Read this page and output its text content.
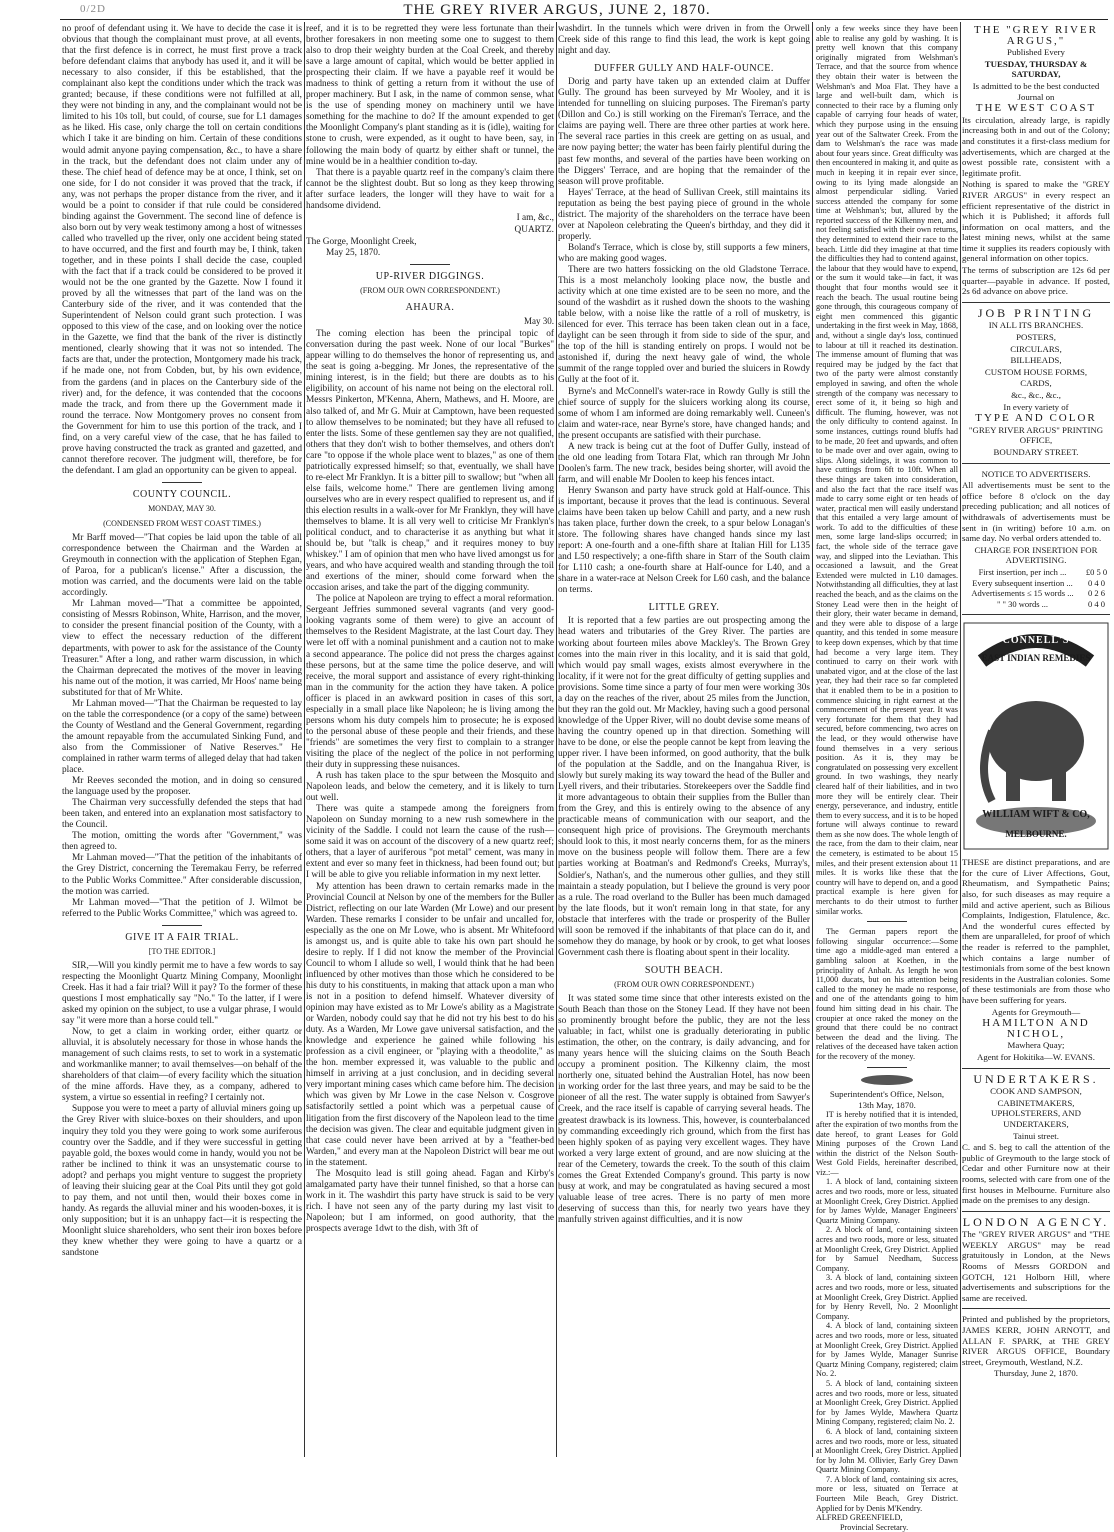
0/2D	THE GREY RIVER ARGUS, JUNE 2, 1870.

no proof of defendant using it. We have to decide the case it is obvious that though the complainant must prove, at all events, that the first defence is in correct, he must first prove a track before defendant claims that anybody has used it, and it will be necessary to also consider, if this be established, that the complainant also kept the conditions under which the track was granted; because, if these conditions were not fulfilled at all, they were not binding in any, and the complainant would not be limited to his 10s toll, but could, of course, sue for L1 damages as he liked. His case, only charge the toll on certain conditions which I take it are binding on him. Certain of these conditions would admit anyone paying compensation, &c., to have a share in the track, but the defendant does not claim under any of these. The chief head of defence may be at once, I think, set on one side, for I do not consider it was proved that the track, if any, was not perhaps the proper distance from the river, and it would be a point to consider if that rule could be considered binding against the Government. The second line of defence is also born out by very weak testimony among a host of witnesses called who travelled up the river, only one accident being stated to have occurred, and the first and fourth may be, I think, taken together, and in these points I shall decide the case, coupled with the fact that if a track could be considered to be proved it would not be the one granted by the Gazette. Now I found it proved by all the witnesses that part of the land was on the Canterbury side of the river, and it was contended that the Superintendent of Nelson could grant such protection. I was opposed to this view of the case, and on looking over the notice in the Gazette, we find that the bank of the river is distinctly mentioned, clearly showing that it was not so intended. The facts are that, under the protection, Montgomery made his track, if he made one, not from Cobden, but, by his own evidence, from the gardens (and in places on the Canterbury side of the river) and, for the defence, it was contended that the cocoons made the track, and from there up the Government made it round the terrace. Now Montgomery proves no consent from the Government for him to use this portion of the track, and I find, on a very careful view of the case, that he has failed to prove having constructed the track as granted and gazetted, and cannot therefore recover. The judgment will, therefore, be for the defendant. I am glad an opportunity can be given to appeal.

COUNTY COUNCIL.
MONDAY, MAY 30.
(CONDENSED FROM WEST COAST TIMES.)

Mr Barff moved—"That copies be laid upon the table of all correspondence between the Chairman and the Warden at Greymouth in connection with the application of Stephen Egan, of Paroa, for a publican's license." After a discussion, the motion was carried, and the documents were laid on the table accordingly.

Mr Lahman moved—"That a committee be appointed, consisting of Messrs Robinson, White, Harrison, and the mover, to consider the present financial position of the County, with a view to effect the necessary reduction of the different departments, with power to ask for the assistance of the County Treasurer." After a long, and rather warm discussion, in which the Chairman deprecated the motives of the mover in leaving his name out of the motion, it was carried, Mr Hoos' name being substituted for that of Mr White.

Mr Lahman moved—"That the Chairman be requested to lay on the table the correspondence (or a copy of the same) between the County of Westland and the General Government, regarding the amount repayable from the accumulated Sinking Fund, and also from the Commissioner of Native Reserves." He complained in rather warm terms of alleged delay that had taken place.

Mr Reeves seconded the motion, and in doing so censured the language used by the proposer.

The Chairman very successfully defended the steps that had been taken, and entered into an explanation most satisfactory to the Council.

The motion, omitting the words after "Government," was then agreed to.

Mr Lahman moved—"That the petition of the inhabitants of the Grey District, concerning the Teremakau Ferry, be referred to the Public Works Committee." After considerable discussion, the motion was carried.

Mr Lahman moved—"That the petition of J. Wilmot be referred to the Public Works Committee," which was agreed to.

GIVE IT A FAIR TRIAL.
[TO THE EDITOR.]

SIR,—Will you kindly permit me to have a few words to say respecting the Moonlight Quartz Mining Company, Moonlight Creek. Has it had a fair trial? Will it pay? To the former of these questions I most emphatically say "No." To the latter, if I were asked my opinion on the subject, to use a vulgar phrase, I would say "it were more than a horse could tell."

Now, to get a claim in working order, either quartz or alluvial, it is absolutely necessary for those in whose hands the management of such claims rests, to set to work in a systematic and workmanlike manner; to avail themselves—on behalf of the shareholders of that claim—of every facility which the situation of the mine affords. Have they, as a company, adhered to system, a virtue so essential in reefing? I certainly not.

Suppose you were to meet a party of alluvial miners going up the Grey River with sluice-boxes on their shoulders, and upon inquiry they told you they were going to work some auriferous country over the Saddle, and if they were successful in getting payable gold, the boxes would come in handy, would you not be rather be inclined to think it was an unsystematic course to adopt? and perhaps you might venture to suggest the propriety of leaving their sluicing gear at the Coal Pits until they got gold to pay them, and not until then, would their boxes come in handy. As regards the alluvial miner and his wooden-boxes, it is only supposition; but it is an unhappy fact—it is respecting the Moonlight sluice shareholders, who sent their iron boxes before they knew whether they were going to have a quartz or a sandstone

reef, and it is to be regretted they were less fortunate than their brother foresakers in non meeting some one to suggest to them also to drop their weighty burden at the Coal Creek, and thereby save a large amount of capital, which would be better applied in prospecting their claim. If we have a payable reef it would be madness to think of getting a return from it without the use of proper machinery. But I ask, in the name of common sense, what is the use of spending money on machinery until we have something for the machine to do? If the amount expended to get the Moonlight Company's plant standing as it is (idle), waiting for stone to crush, were expended, as it ought to have been, say, in following the main body of quartz by either shaft or tunnel, the mine would be in a healthier condition to-day.

That there is a payable quartz reef in the company's claim there cannot be the slightest doubt. But so long as they keep throwing after surface leaders, the longer will they have to wait for a handsome dividend.

I am, &c.,
QUARTZ.
The Gorge, Moonlight Creek,
May 25, 1870.
UP-RIVER DIGGINGS.
(FROM OUR OWN CORRESPONDENT.)
AHAURA.
May 30.

The coming election has been the principal topic of conversation during the past week. None of our local "Burkes" appear willing to do themselves the honor of representing us, and the seat is going a-begging. Mr Jones, the representative of the mining interest, is in the field; but there are doubts as to his eligibility, on account of his name not being on the electoral roll. Messrs Pinkerton, M'Kenna, Ahern, Mathews, and H. Moore, are also talked of, and Mr G. Muir at Camptown, have been requested to allow themselves to be nominated; but they have all refused to enter the lists. Some of these gentlemen say they are not qualified, others that they don't wish to bother themselves, and others don't care "to oppose if the whole place went to blazes," as one of them patriotically expressed himself; so that, eventually, we shall have to re-elect Mr Franklyn. It is a bitter pill to swallow; but "when all else fails, welcome home." There are gentlemen living among ourselves who are in every respect qualified to represent us, and if this election results in a walk-over for Mr Franklyn, they will have themselves to blame. It is all very well to criticise Mr Franklyn's political conduct, and to characterise it as anything but what it should be, but "talk is cheap," and it requires money to buy whiskey." I am of opinion that men who have lived amongst us for years, and who have acquired wealth and standing through the toil and exertions of the miner, should come forward when the occasion arises, and take the part of the digging community.

The police at Napoleon are trying to effect a moral reformation. Sergeant Jeffries summoned several vagrants (and very good-looking vagrants some of them were) to give an account of themselves to the Resident Magistrate, at the last Court day. They were let off with a nominal punishment and a caution not to make a second appearance. The police did not press the charges against these persons, but at the same time the police deserve, and will receive, the moral support and assistance of every right-thinking man in the community for the action they have taken. A police officer is placed in an awkward position in cases of this sort, especially in a small place like Napoleon; he is living among the persons whom his duty compels him to prosecute; he is exposed to the personal abuse of these people and their friends, and these "friends" are sometimes the very first to complain to a stranger visiting the place of the neglect of the police in not performing their duty in suppressing these nuisances.

A rush has taken place to the spur between the Mosquito and Napoleon leads, and below the cemetery, and it is likely to turn out well.

There was quite a stampede among the foreigners from Napoleon on Sunday morning to a new rush somewhere in the vicinity of the Saddle. I could not learn the cause of the rush—some said it was on account of the discovery of a new quartz reef; others, that a layer of auriferous "pot metal" cement, was many in extent and ever so many feet in thickness, had been found out; but I will be able to give you reliable information in my next letter.

My attention has been drawn to certain remarks made in the Provincial Council at Nelson by one of the members for the Buller District, reflecting on our late Warden (Mr Lowe) and our present Warden. These remarks I consider to be unfair and uncalled for, especially as the one on Mr Lowe, who is absent. Mr Whitefoord is amongst us, and is quite able to take his own part should he desire to reply. If I did not know the member of the Provincial Council to whom I allude so well, I would think that he had been influenced by other motives than those which he considered to be his duty to his constituents, in making that attack upon a man who is not in a position to defend himself. Whatever diversity of opinion may have existed as to Mr Lowe's ability as a Magistrate or Warden, nobody could say that he did not try his best to do his duty. As a Warden, Mr Lowe gave universal satisfaction, and the knowledge and experience he gained while following his profession as a civil engineer, or "playing with a theodolite," as the hon. member expressed it, was valuable to the public and himself in arriving at a just conclusion, and in deciding several very important mining cases which came before him. The decision which was given by Mr Lowe in the case Nelson v. Cosgrove satisfactorily settled a point which was a perpetual cause of litigation from the first discovery of the Napoleon lead to the time the decision was given. The clear and equitable judgment given in that case could never have been arrived at by a "feather-bed Warden," and every man at the Napoleon District will bear me out in the statement.

The Mosquito lead is still going ahead. Fagan and Kirby's amalgamated party have their tunnel finished, so that a horse can work in it. The washdirt this party have struck is said to be very rich. I have not seen any of the party during my last visit to Napoleon; but I am informed, on good authority, that the prospects average 1dwt to the dish, with 3ft of

washdirt. In the tunnels which were driven in from the Orwell Creek side of this range to find this lead, the work is kept going night and day.

DUFFER GULLY AND HALF-OUNCE.

Dorig and party have taken up an extended claim at Duffer Gully. The ground has been surveyed by Mr Wooley, and it is intended for tunnelling on sluicing purposes. The Fireman's party (Dillon and Co.) is still working on the Fireman's Terrace, and the claims are paying well. There are three other parties at work here. The several race parties in this creek are getting on as usual, and are now paying better; the water has been fairly plentiful during the past few months, and several of the parties have been working on the Diggers' Terrace, and are hoping that the remainder of the season will prove profitable.

Hayes' Terrace, at the head of Sullivan Creek, still maintains its reputation as being the best paying piece of ground in the whole district. The majority of the shareholders on the terrace have been over at Napoleon celebrating the Queen's birthday, and they did it properly.

Boland's Terrace, which is close by, still supports a few miners, who are making good wages.

There are two hatters fossicking on the old Gladstone Terrace. This is a most melancholy looking place now, the bustle and activity which at one time existed are to be seen no more, and the sound of the washdirt as it rushed down the shoots to the washing table below, with a noise like the rattle of a roll of musketry, is silenced for ever. This terrace has been taken clean out in a face, daylight can be seen through it from side to side of the spur, and the top of the hill is standing entirely on props. I would not be astonished if, during the next heavy gale of wind, the whole summit of the range toppled over and buried the sluicers in Rowdy Gully at the foot of it.

Byrne's and McConnell's water-race in Rowdy Gully is still the chief source of supply for the sluicers working along its course, some of whom I am informed are doing remarkably well. Cuneen's claim and water-race, near Byrne's store, have changed hands; and the present occupants are satisfied with their purchase.

A new track is being cut at the foot of Duffer Gully, instead of the old one leading from Totara Flat, which ran through Mr John Doolen's farm. The new track, besides being shorter, will avoid the farm, and will enable Mr Doolen to keep his fences intact.

Henry Swanson and party have struck gold at Half-ounce. This is important, because it proves that the lead is continuous. Several claims have been taken up below Cahill and party, and a new rush has taken place, further down the creek, to a spur below Lonagan's store. The following shares have changed hands since my last report: A one-fourth and a one-fifth share at Italian Hill for L135 and L50 respectively; a one-fifth share in Starr of the South claim for L110 cash; a one-fourth share at Half-ounce for L40, and a share in a water-race at Nelson Creek for L60 cash, and the balance on terms.

LITTLE GREY.

It is reported that a few parties are out prospecting among the head waters and tributaries of the Grey River. The parties are working about fourteen miles above Mackley's. The Brown Grey comes into the main river in this locality, and it is said that gold, which would pay small wages, exists almost everywhere in the locality, if it were not for the great difficulty of getting supplies and provisions. Some time since a party of four men were working 30s a day on the reaches of the river, about 25 miles from the Junction, but they ran the gold out. Mr Mackley, having such a good personal knowledge of the Upper River, will no doubt devise some means of having the country opened up in that direction. Something will have to be done, or else the people cannot be kept from leaving the upper river. I have been informed, on good authority, that the bulk of the population at the Saddle, and on the Inangahua River, is slowly but surely making its way toward the head of the Buller and Lyell rivers, and their tributaries. Storekeepers over the Saddle find it more advantageous to obtain their supplies from the Buller than from the Grey, and this is entirely owing to the absence of any practicable means of communication with our seaport, and the consequent high price of provisions. The Greymouth merchants should look to this, it most nearly concerns them, for as the miners move on the business people will follow them. There are a few parties working at Boatman's and Redmond's Creeks, Murray's, Soldier's, Nathan's, and the numerous other gullies, and they still maintain a steady population, but I believe the ground is very poor as a rule. The road overland to the Buller has been much damaged by the late floods, but it won't remain long in that state, for any obstacle that interferes with the trade or prosperity of the Buller will soon be removed if the inhabitants of that place can do it, and somehow they do manage, by hook or by crook, to get what looses Government cash there is floating about spent in their locality.

SOUTH BEACH.
(FROM OUR OWN CORRESPONDENT.)

It was stated some time since that other interests existed on the South Beach than those on the Stoney Lead. If they have not been so prominently brought before the public, they are not the less valuable; in fact, whilst one is gradually deteriorating in public estimation, the other, on the contrary, is daily advancing, and for many years hence will the sluicing claims on the South Beach occupy a prominent position. The Kilkenny claim, the most northerly one, situated behind the Australian Hotel, has now been in working order for the last three years, and may be said to be the pioneer of all the rest. The water supply is obtained from Sawyer's Creek, and the race itself is capable of carrying several heads. The greatest drawback is its lowness. This, however, is counterbalanced by commanding exceedingly rich ground, which from the first has been highly spoken of as paying very excellent wages. They have worked a very large extent of ground, and are now sluicing at the rear of the Cemetery, towards the creek. To the south of this claim comes the Great Extended Company's ground. This party is now busy at work, and may be congratulated as having secured a most valuable lease of tree acres. There is no party of men more deserving of success than this, for nearly two years have they manfully striven against difficulties, and it is now

only a few weeks since they have been able to realise any gold by washing. It is pretty well known that this company originally migrated from Welshman's Terrace, and that the source from whence they obtain their water is between the Welshman's and Moa Flat. They have a large and well-built dam, which is connected to their race by a fluming only capable of carrying four heads of water, which they purpose using in the ensuing year out of the Saltwater Creek. From the dam to Welshman's the race was made about four years since. Great difficulty was then encountered in making it, and quite as much in keeping it in repair ever since, owing to its lying made alongside an almost perpendicular sidling. Varied success attended the company for some time at Welshman's; but, allured by the reported success of the Kilkenny men, and not feeling satisfied with their own returns, they determined to extend their race to the beach. Little did they imagine at that time the difficulties they had to contend against, the labour that they would have to expend, or the sum it would take—in fact, it was thought that four months would see it reach the beach. The usual routine being gone through, this courageous company of eight men commenced this gigantic undertaking in the first week in May, 1868, and, without a single day's loss, continued to labour at till it reached its destination. The immense amount of fluming that was required may be judged by the fact that two of the party were almost constantly employed in sawing, and often the whole strength of the company was necessary to erect some of it, it being so high and difficult. The fluming, however, was not the only difficulty to contend against. In some instances, cuttings round bluffs had to be made, 20 feet and upwards, and often to be made over and over again, owing to slips. Along sidelings, it was common to have cuttings from 6ft to 10ft. When all these things are taken into consideration, and also the fact that the race itself was made to carry some eight or ten heads of water, practical men will easily understand that this entailed a very large amount of work. To add to the difficulties of these men, some large land-slips occurred; in fact, the whole side of the terrace gave way, and slipped into the Leviathan. This occasioned a lawsuit, and the Great Extended were mulcted in L10 damages. Notwithstanding all difficulties, they at last reached the beach, and as the claims on the Stoney Lead were then in the height of their glory, their water became in demand, and they were able to dispose of a large quantity, and this tended in some measure to keep down expenses, which by that time had become a very large item. They continued to carry on their work with unabated vigor, and at the close of the last year, they had their race so far completed that it enabled them to be in a position to commence sluicing in right earnest at the commencement of the present year. It was very fortunate for them that they had secured, before commencing, two acres on the lead, or they would otherwise have found themselves in a very serious position. As it is, they may be congratulated on possessing very excellent ground. In two washings, they nearly cleared half of their liabilities, and in two more they will be entirely clear. Their energy, perseverance, and industry, entitle them to every success, and it is to be hoped fortune will always continue to reward them as she now does. The whole length of the race, from the dam to their claim, near the cemetery, is estimated to be about 15 miles, and their present extension about 11 miles. It is works like these that the country will have to depend on, and a good practical example is here given for merchants to do their utmost to further similar works.

The German papers report the following singular occurrence:—Some time ago a middle-aged man entered a gambling saloon at Koethen, in the principality of Anhalt. As length he won 11,000 ducats, but on his attention being called to the money he made no response, and one of the attendants going to him found him sitting dead in his chair. The croupier at once raked the money on the ground that there could be no contract between the dead and the living. The relatives of the deceased have taken action for the recovery of the money.

Superintendent's Office, Nelson,
13th May, 1870.

IT is hereby notified that it is intended, after the expiration of two months from the date hereof, to grant Leases for Gold Mining purposes of the Crown Land within the district of the Nelson South-West Gold Fields, hereinafter described, viz.:—

1. A block of land, containing sixteen acres and two roods, more or less, situated at Moonlight Creek, Grey District. Applied for by James Wylde, Manager Engineers' Quartz Mining Company.

2. A block of land, containing sixteen acres and two roods, more or less, situated at Moonlight Creek, Grey District. Applied for by Samuel Needham, Success Company.

3. A block of land, containing sixteen acres and two roods, more or less, situated at Moonlight Creek, Grey District. Applied for by Henry Revell, No. 2 Moonlight Company.

4. A block of land, containing sixteen acres and two roods, more or less, situated at Moonlight Creek, Grey District. Applied for by James Wylde, Manager Sunrise Quartz Mining Company, registered; claim No. 2.

5. A block of land, containing sixteen acres and two roods, more or less, situated at Moonlight Creek, Grey District. Applied for by James Wylde, Mawhera Quartz Mining Company, registered; claim No. 2.

6. A block of land, containing sixteen acres and two roods, more or less, situated at Moonlight Creek, Grey District. Applied for by John M. Ollivier, Early Grey Dawn Quartz Mining Company.

7. A block of land, containing six acres, more or less, situated on Terrace at Fourteen Mile Beach, Grey District. Applied for by Denis M'Kendry.

ALFRED GREENFIELD,
Provincial Secretary.

THE "GREY RIVER ARGUS,"

Published Every

TUESDAY, THURSDAY & SATURDAY,

Is admitted to be the best conducted Journal on

THE WEST COAST

Its circulation, already large, is rapidly increasing both in and out of the Colony; and constitutes it a first-class medium for advertisements, which are charged at the owest possible rate, consistent with a legitimate profit.

Nothing is spared to make the "GREY RIVER ARGUS" in every respect an efficient representative of the district in which it is Published; it affords full information on ocal matters, and the latest mining news, whilst at the same time it supplies its readers copiously with general information on other topics.

The terms of subscription are 12s 6d per quarter—payable in advance. If posted, 2s 6d advance on above price.

JOB PRINTING

IN ALL ITS BRANCHES.

POSTERS,

CIRCULARS,

BILLHEADS,

CUSTOM HOUSE FORMS,

CARDS,

&c., &c., &c.,

In every variety of

TYPE AND COLOR

"GREY RIVER ARGUS" PRINTING OFFICE,

BOUNDARY STREET.

NOTICE TO ADVERTISERS.

All advertisements must be sent to the office before 8 o'clock on the day preceding publication; and all notices of withdrawals of advertisements must be sent in (in writing) before 10 a.m. on same day. No verbal orders attended to.

CHARGE FOR INSERTION FOR ADVERTISING.

First insertion, per inch ...	£0 5 0
Every subsequent insertion ...	0 4 0
Advertisements ≤ 15 words ...	0 2 6
" " 30 words ...	0 4 0
CONNELL'S
EAST INDIAN REMEDIES
WILLIAM WIFT & CO,
MELBOURNE.

THESE are distinct preparations, and are for the cure of Liver Affections, Gout, Rheumatism, and Sympathetic Pains; also, for such diseases as may require a mild and active aperient, such as Bilious Complaints, Indigestion, Flatulence, &c. And the wonderful cures effected by them are unparalleled, for proof of which the reader is referred to the pamphlet, which contains a large number of testimonials from some of the best known residents in the Australian colonies. Some of these testimonials are from those who have been suffering for years.

Agents for Greymouth—

HAMILTON AND NICHOL,

Mawhera Quay;

Agent for Hokitika—W. EVANS.

UNDERTAKERS.

COOK AND SAMPSON,

CABINETMAKERS, UPHOLSTERERS, AND UNDERTAKERS,

Tainui street.

C. and S. beg to call the attention of the public of Greymouth to the large stock of Cedar and other Furniture now at their rooms, selected with care from one of the first houses in Melbourne. Furniture also made on the premises to any design.

LONDON AGENCY.

The "GREY RIVER ARGUS" and "THE WEEKLY ARGUS" may be read gratuitously in London, at the News Rooms of Messrs GORDON and GOTCH, 121 Holborn Hill, where advertisements and subscriptions for the same are received.

Printed and published by the proprietors, JAMES KERR, JOHN ARNOTT, and ALLAN F. SPARK, at THE GREY RIVER ARGUS OFFICE, Boundary street, Greymouth, Westland, N.Z.

Thursday, June 2, 1870.
